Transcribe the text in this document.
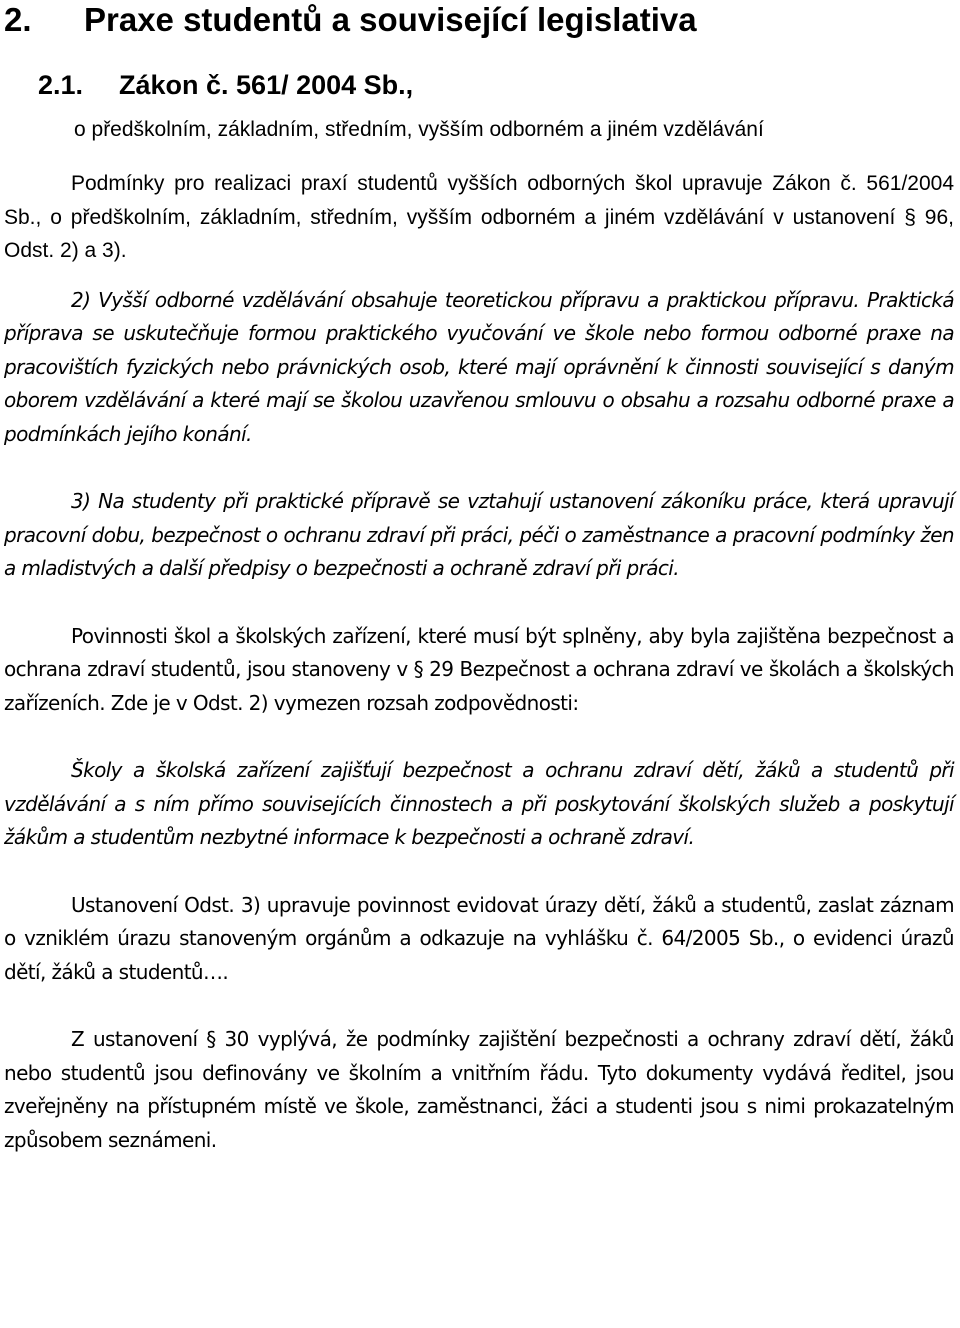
2. Praxe studentů a související legislativa
2.1. Zákon č. 561/ 2004 Sb.,
o předškolním, základním, středním, vyšším odborném a jiném vzdělávání

Podmínky pro realizaci praxí studentů vyšších odborných škol upravuje Zákon č. 561/2004 Sb., o předškolním, základním, středním, vyšším odborném a jiném vzdělávání v ustanovení § 96, Odst. 2) a 3).

2) Vyšší odborné vzdělávání obsahuje teoretickou přípravu a praktickou přípravu. Praktická příprava se uskutečňuje formou praktického vyučování ve škole nebo formou odborné praxe na pracovištích fyzických nebo právnických osob, které mají oprávnění k činnosti související s daným oborem vzdělávání a které mají se školou uzavřenou smlouvu o obsahu a rozsahu odborné praxe a podmínkách jejího konání.

3) Na studenty při praktické přípravě se vztahují ustanovení zákoníku práce, která upravují pracovní dobu, bezpečnost o ochranu zdraví při práci, péči o zaměstnance a pracovní podmínky žen a mladistvých a další předpisy o bezpečnosti a ochraně zdraví při práci.

Povinnosti škol a školských zařízení, které musí být splněny, aby byla zajištěna bezpečnost a ochrana zdraví studentů, jsou stanoveny v § 29 Bezpečnost a ochrana zdraví ve školách a školských zařízeních. Zde je v Odst. 2) vymezen rozsah zodpovědnosti:

Školy a školská zařízení zajišťují bezpečnost a ochranu zdraví dětí, žáků a studentů při vzdělávání a s ním přímo souvisejících činnostech a při poskytování školských služeb a poskytují žákům a studentům nezbytné informace k bezpečnosti a ochraně zdraví.

Ustanovení Odst. 3) upravuje povinnost evidovat úrazy dětí, žáků a studentů, zaslat záznam o vzniklém úrazu stanoveným orgánům a odkazuje na vyhlášku č. 64/2005 Sb., o evidenci úrazů dětí, žáků a studentů….

Z ustanovení § 30 vyplývá, že podmínky zajištění bezpečnosti a ochrany zdraví dětí, žáků nebo studentů jsou definovány ve školním a vnitřním řádu. Tyto dokumenty vydává ředitel, jsou zveřejněny na přístupném místě ve škole, zaměstnanci, žáci a studenti jsou s nimi prokazatelným způsobem seznámeni.
